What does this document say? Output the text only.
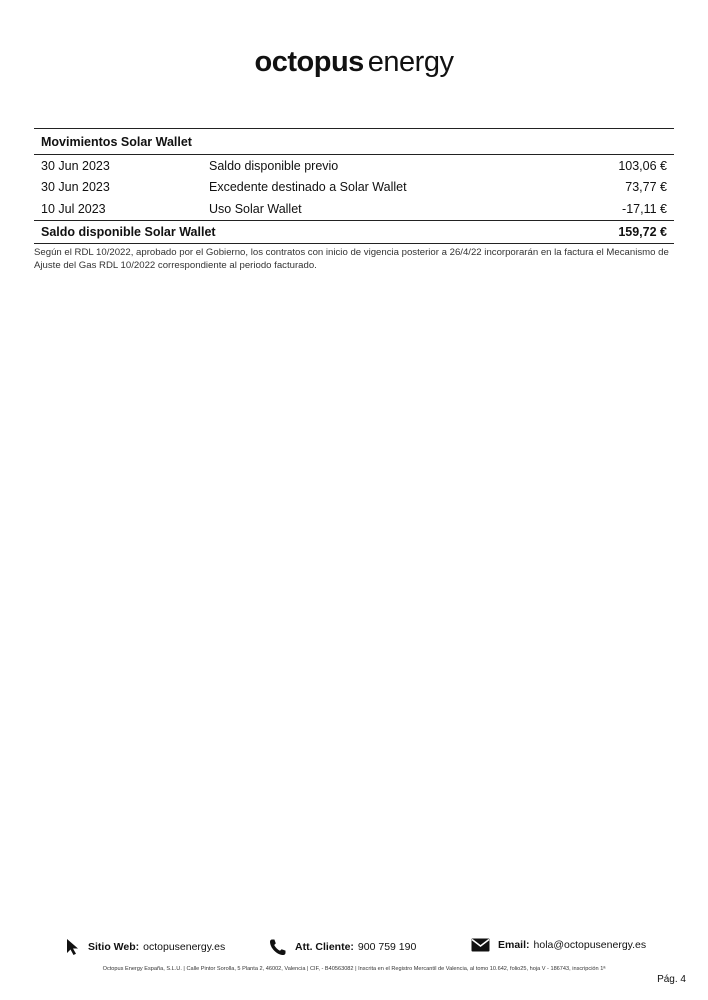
octopus energy
Movimientos Solar Wallet
30 Jun 2023	Saldo disponible previo	103,06 €
30 Jun 2023	Excedente destinado a Solar Wallet	73,77 €
10 Jul 2023	Uso Solar Wallet	-17,11 €
Saldo disponible Solar Wallet	159,72 €
Según el RDL 10/2022, aprobado por el Gobierno, los contratos con inicio de vigencia posterior a 26/4/22 incorporarán en la factura el Mecanismo de Ajuste del Gas RDL 10/2022 correspondiente al periodo facturado.
Sitio Web: octopusenergy.es	Att. Cliente: 900 759 190	Email: hola@octopusenergy.es
Octopus Energy España, S.L.U. | Calle Pintor Sorolla, 5 Planta 2, 46002, Valencia | CIF, - B40563082 | Inscrita en el Registro Mercantil de Valencia, al tomo 10.642, folio25, hoja V - 186743, inscripción 1ª
Pág. 4
